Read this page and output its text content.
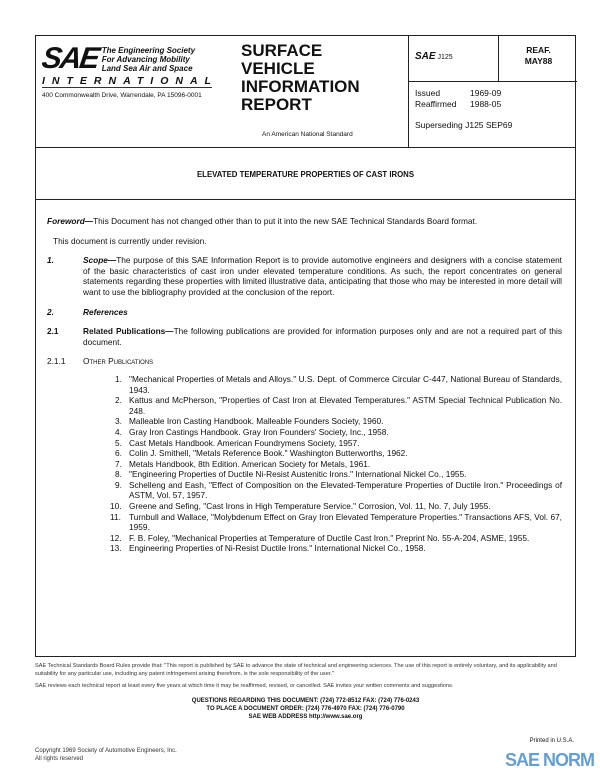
SAE The Engineering Society
For Advancing Mobility
Land Sea Air and Space
INTERNATIONAL
400 Commonwealth Drive, Warrendale, PA 15096-0001
SURFACE
VEHICLE
INFORMATION
REPORT
An American National Standard
SAE J125
REAF.
MAY88
Issued	1969-09
Reaffirmed 1988-05
Superseding J125 SEP69
ELEVATED TEMPERATURE PROPERTIES OF CAST IRONS
Foreword—This Document has not changed other than to put it into the new SAE Technical Standards Board format.
This document is currently under revision.
1.	Scope—The purpose of this SAE Information Report is to provide automotive engineers and designers with a concise statement of the basic characteristics of cast iron under elevated temperature conditions. As such, the report concentrates on general statements regarding these properties with limited illustrative data, anticipating that those who may be interested in more detail will want to use the bibliography provided at the conclusion of the report.
2.	References
2.1	Related Publications—The following publications are provided for information purposes only and are not a required part of this document.
2.1.1 Other Publications
1. "Mechanical Properties of Metals and Alloys." U.S. Dept. of Commerce Circular C-447, National Bureau of Standards, 1943.
2. Kattus and McPherson, "Properties of Cast Iron at Elevated Temperatures." ASTM Special Technical Publication No. 248.
3. Malleable Iron Casting Handbook. Malleable Founders Society, 1960.
4. Gray Iron Castings Handbook. Gray Iron Founders' Society, Inc., 1958.
5. Cast Metals Handbook. American Foundrymens Society, 1957.
6. Colin J. Smithell, "Metals Reference Book." Washington Butterworths, 1962.
7. Metals Handbook, 8th Edition. American Society for Metals, 1961.
8. "Engineering Properties of Ductile Ni-Resist Austenitic Irons." International Nickel Co., 1955.
9. Schelleng and Eash, "Effect of Composition on the Elevated-Temperature Properties of Ductile Iron." Proceedings of ASTM, Vol. 57, 1957.
10. Greene and Sefing, "Cast Irons in High Temperature Service." Corrosion, Vol. 11, No. 7, July 1955.
11. Turnbull and Wallace, "Molybdenum Effect on Gray Iron Elevated Temperature Properties." Transactions AFS, Vol. 67, 1959.
12. F. B. Foley, "Mechanical Properties at Temperature of Ductile Cast Iron." Preprint No. 55-A-204, ASME, 1955.
13. Engineering Properties of Ni-Resist Ductile Irons." International Nickel Co., 1958.
SAE Technical Standards Board Rules provide that: "This report is published by SAE to advance the state of technical and engineering sciences. The use of this report is entirely voluntary, and its applicability and suitability for any particular use, including any patent infringement arising therefrom, is the sole responsibility of the user."
SAE reviews each technical report at least every five years at which time it may be reaffirmed, revised, or cancelled. SAE invites your written comments and suggestions.
QUESTIONS REGARDING THIS DOCUMENT: (724) 772-8512 FAX: (724) 776-0243
TO PLACE A DOCUMENT ORDER: (724) 776-4970 FAX: (724) 776-0790
SAE WEB ADDRESS http://www.sae.org
Copyright 1969 Society of Automotive Engineers, Inc.
All rights reserved
Printed in U.S.A.
SAE NORM
